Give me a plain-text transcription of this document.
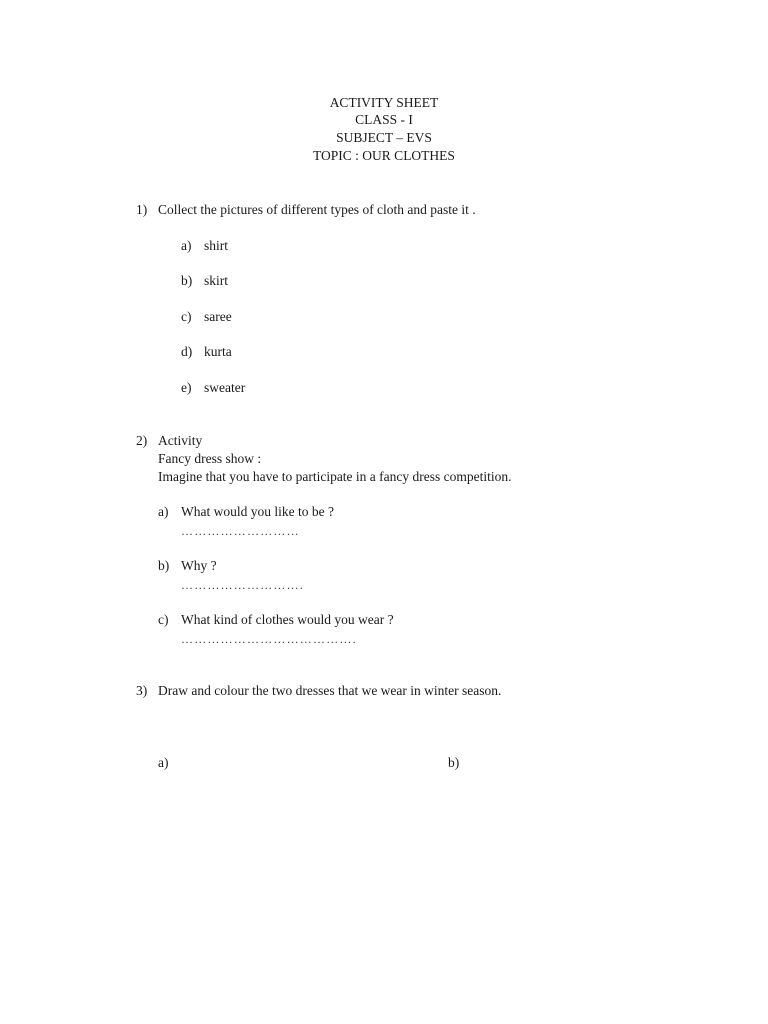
ACTIVITY SHEET
CLASS - I
SUBJECT – EVS
TOPIC : OUR CLOTHES
1) Collect the pictures of different types of cloth and paste it .
a) shirt
b) skirt
c) saree
d) kurta
e) sweater
2) Activity
Fancy dress show :
Imagine that you have to participate in a fancy dress competition.
a) What would you like to be ?
………………………
b) Why ?
……………………….
c) What kind of clothes would you wear ?
………………………………….
3) Draw and colour the two dresses that we wear in winter season.
a)	b)
